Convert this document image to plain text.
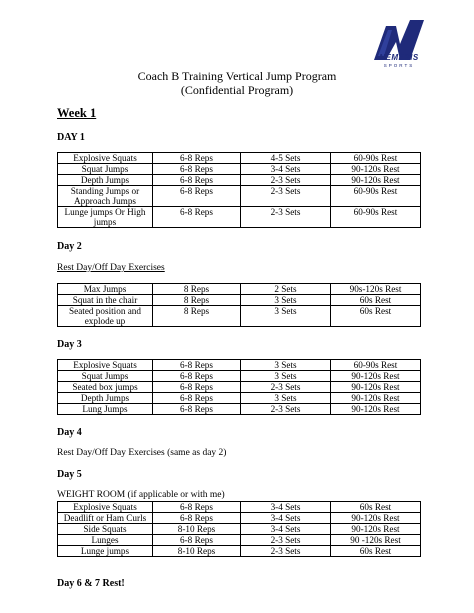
NEMESIS
SPORTS
Coach B Training Vertical Jump Program
(Confidential Program)
Week 1
DAY 1
Explosive Squats	6-8 Reps	4-5 Sets	60-90s Rest
Squat Jumps	6-8 Reps	3-4 Sets	90-120s Rest
Depth Jumps	6-8 Reps	2-3 Sets	90-120s Rest
Standing Jumps or Approach Jumps	6-8 Reps	2-3 Sets	60-90s Rest
Lunge jumps Or High jumps	6-8 Reps	2-3 Sets	60-90s Rest
Day 2
Rest Day/Off Day Exercises
Max Jumps	8 Reps	2 Sets	90s-120s Rest
Squat in the chair	8 Reps	3 Sets	60s Rest
Seated position and explode up	8 Reps	3 Sets	60s Rest
Day 3
Explosive Squats	6-8 Reps	3 Sets	60-90s Rest
Squat Jumps	6-8 Reps	3 Sets	90-120s Rest
Seated box jumps	6-8 Reps	2-3 Sets	90-120s Rest
Depth Jumps	6-8 Reps	3 Sets	90-120s Rest
Lung Jumps	6-8 Reps	2-3 Sets	90-120s Rest
Day 4
Rest Day/Off Day Exercises (same as day 2)
Day 5
WEIGHT ROOM (if applicable or with me)
Explosive Squats	6-8 Reps	3-4 Sets	60s Rest
Deadlift or Ham Curls	6-8 Reps	3-4 Sets	90-120s Rest
Side Squats	8-10 Reps	3-4 Sets	90-120s Rest
Lunges	6-8 Reps	2-3 Sets	90 -120s Rest
Lunge jumps	8-10 Reps	2-3 Sets	60s Rest
Day 6 & 7 Rest!
